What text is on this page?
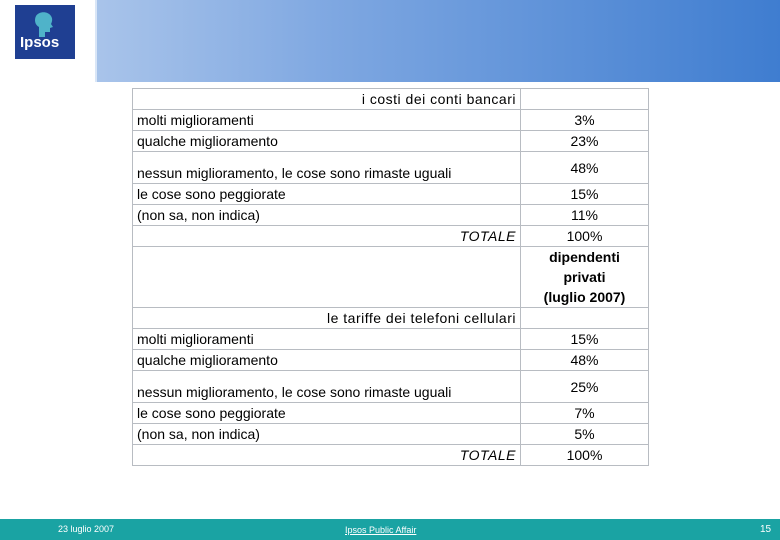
Ipsos
i costi dei conti bancari	
molti miglioramenti	3%
qualche miglioramento	23%
nessun miglioramento, le cose sono rimaste uguali	48%
le cose sono peggiorate	15%
(non sa, non indica)	11%
TOTALE	100%

	dipendenti
privati
(luglio 2007)

le tariffe dei telefoni cellulari	
molti miglioramenti	15%
qualche miglioramento	48%
nessun miglioramento, le cose sono rimaste uguali	25%
le cose sono peggiorate	7%
(non sa, non indica)	5%
TOTALE	100%
23 luglio 2007	Ipsos Public Affair	15
